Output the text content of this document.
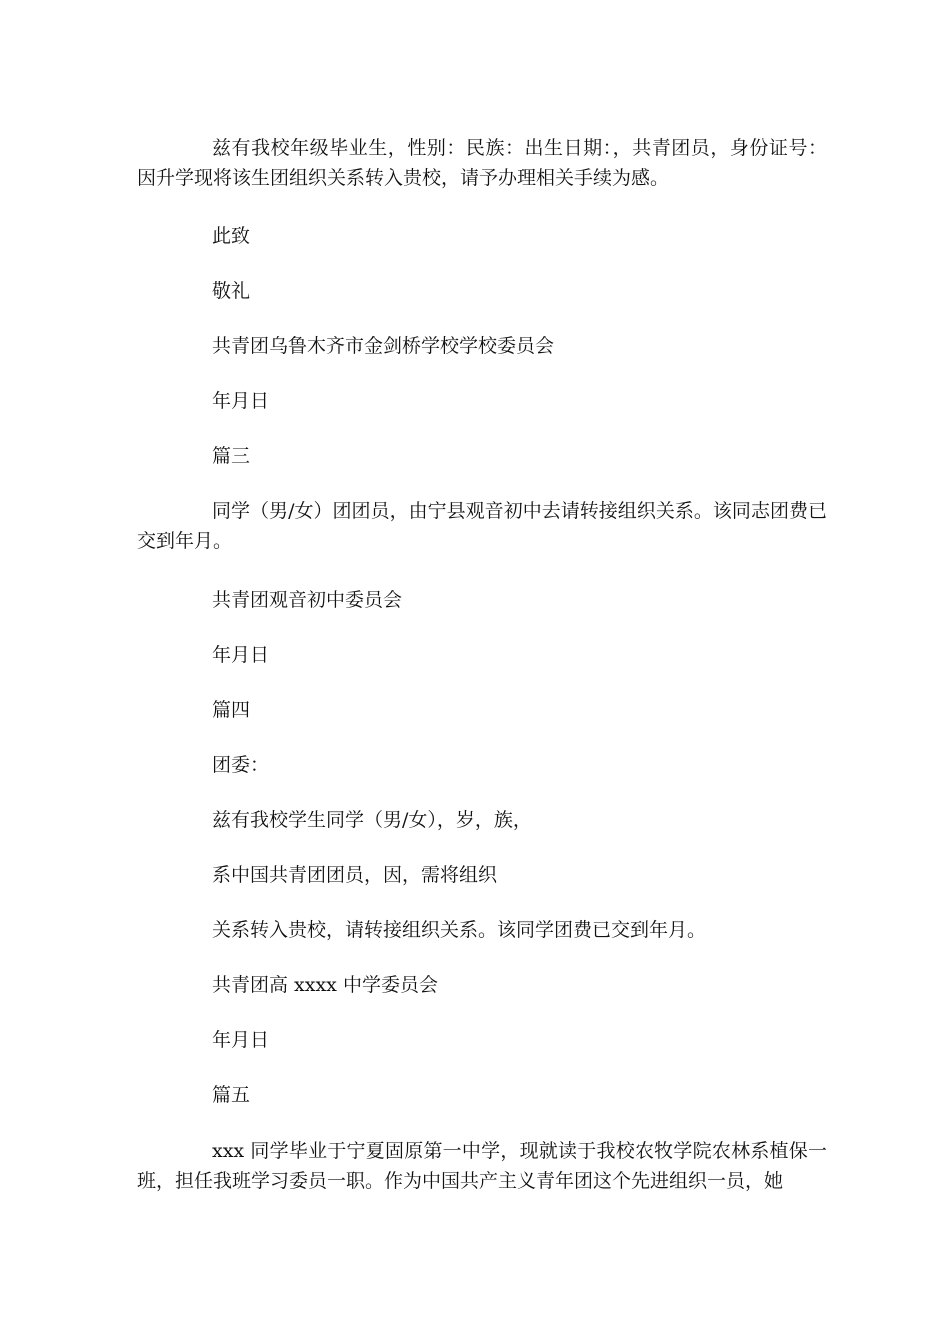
兹有我校年级毕业生，性别：民族：出生日期：，共青团员，身份证号：因升学现将该生团组织关系转入贵校，请予办理相关手续为感。

此致

敬礼

共青团乌鲁木齐市金剑桥学校学校委员会

年月日

篇三

同学（男/女）团团员，由宁县观音初中去请转接组织关系。该同志团费已交到年月。

共青团观音初中委员会

年月日

篇四

团委：

兹有我校学生同学（男/女），岁，族，

系中国共青团团员，因，需将组织

关系转入贵校，请转接组织关系。该同学团费已交到年月。

共青团高 xxxx 中学委员会

年月日

篇五

xxx 同学毕业于宁夏固原第一中学，现就读于我校农牧学院农林系植保一班，担任我班学习委员一职。作为中国共产主义青年团这个先进组织一员，她
